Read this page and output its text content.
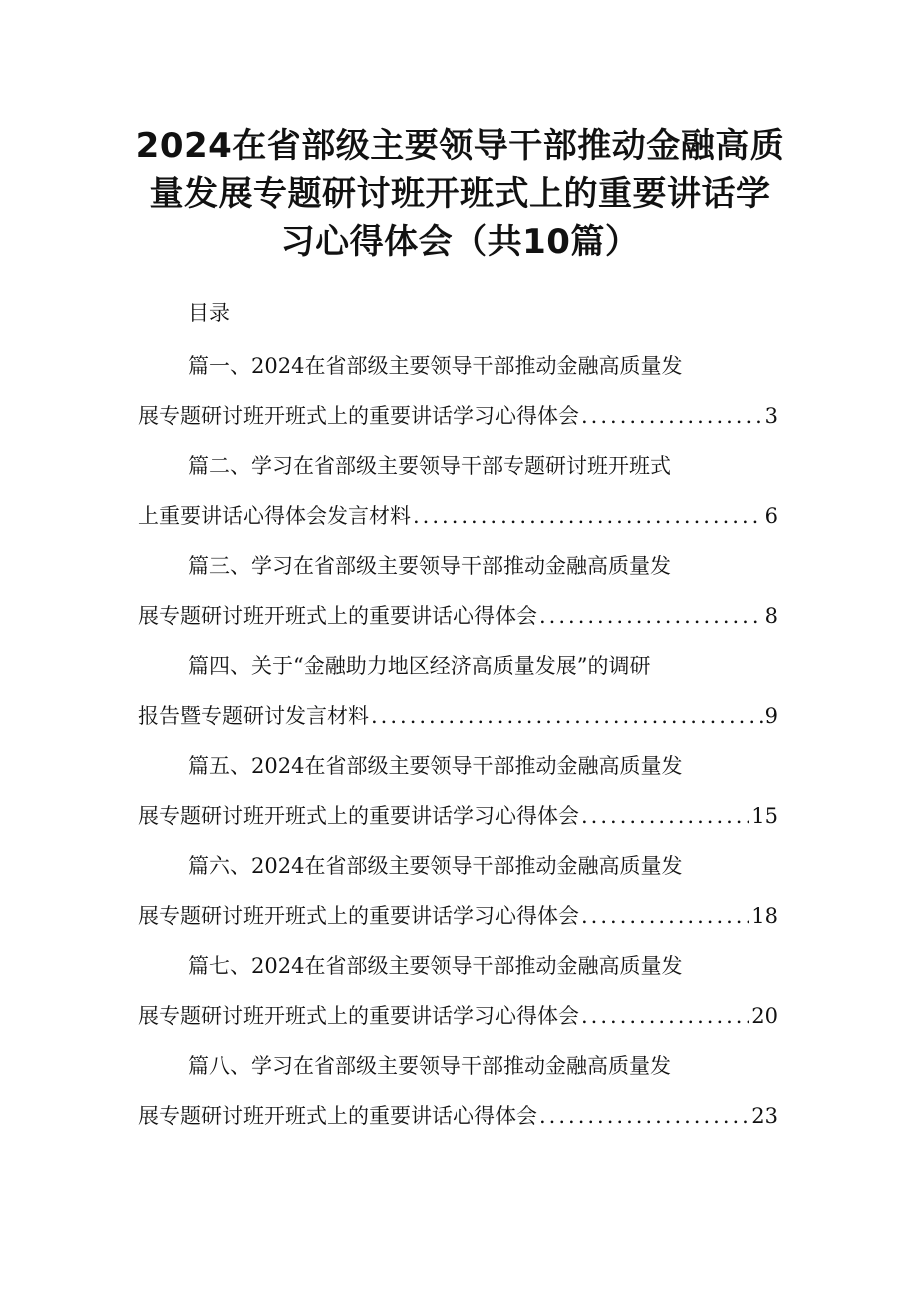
2024在省部级主要领导干部推动金融高质
量发展专题研讨班开班式上的重要讲话学
习心得体会（共10篇）
目录
篇一、2024在省部级主要领导干部推动金融高质量发
展专题研讨班开班式上的重要讲话学习心得体会 .....	3
篇二、学习在省部级主要领导干部专题研讨班开班式
上重要讲话心得体会发言材料 .....	6
篇三、学习在省部级主要领导干部推动金融高质量发
展专题研讨班开班式上的重要讲话心得体会 .....	8
篇四、关于“金融助力地区经济高质量发展”的调研
报告暨专题研讨发言材料 .....	9
篇五、2024在省部级主要领导干部推动金融高质量发
展专题研讨班开班式上的重要讲话学习心得体会 .....	15
篇六、2024在省部级主要领导干部推动金融高质量发
展专题研讨班开班式上的重要讲话学习心得体会 .....	18
篇七、2024在省部级主要领导干部推动金融高质量发
展专题研讨班开班式上的重要讲话学习心得体会 .....	20
篇八、学习在省部级主要领导干部推动金融高质量发
展专题研讨班开班式上的重要讲话心得体会 .....	23
